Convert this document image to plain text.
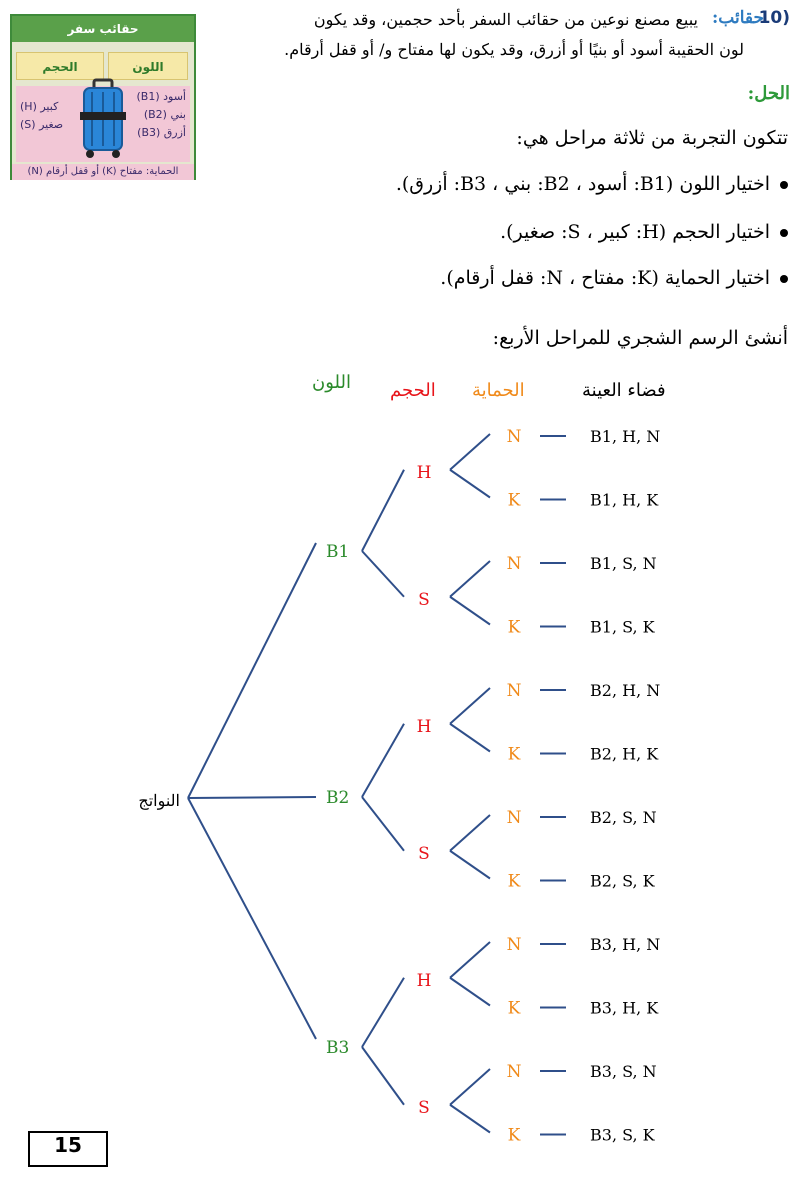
حقائب سفر
اللون
الحجم
أسود (B1)
بني (B2)
أزرق (B3)
كبير (H)
صغير (S)
الحماية: مفتاح (K) أو قفل أرقام (N)
10)
حقائب:
يبيع مصنع نوعين من حقائب السفر بأحد حجمين، وقد يكون
لون الحقيبة أسود أو بنيًا أو أزرق، وقد يكون لها مفتاح و/ أو قفل أرقام.
الحل:
تتكون التجربة من ثلاثة مراحل هي:
اختيار اللون (B1: أسود ، B2: بني ، B3: أزرق).
اختيار الحجم (H: كبير ، S: صغير).
اختيار الحماية (K: مفتاح ، N: قفل أرقام).
أنشئ الرسم الشجري للمراحل الأربع:
فضاء العينة
الحماية
الحجم
اللون
النواتج
B1
H
N	B1, H, N
K	B1, H, K
S
N	B1, S, N
K	B1, S, K
B2
H
N	B2, H, N
K	B2, H, K
S
N	B2, S, N
K	B2, S, K
B3
H
N	B3, H, N
K	B3, H, K
S
N	B3, S, N
K	B3, S, K
15
